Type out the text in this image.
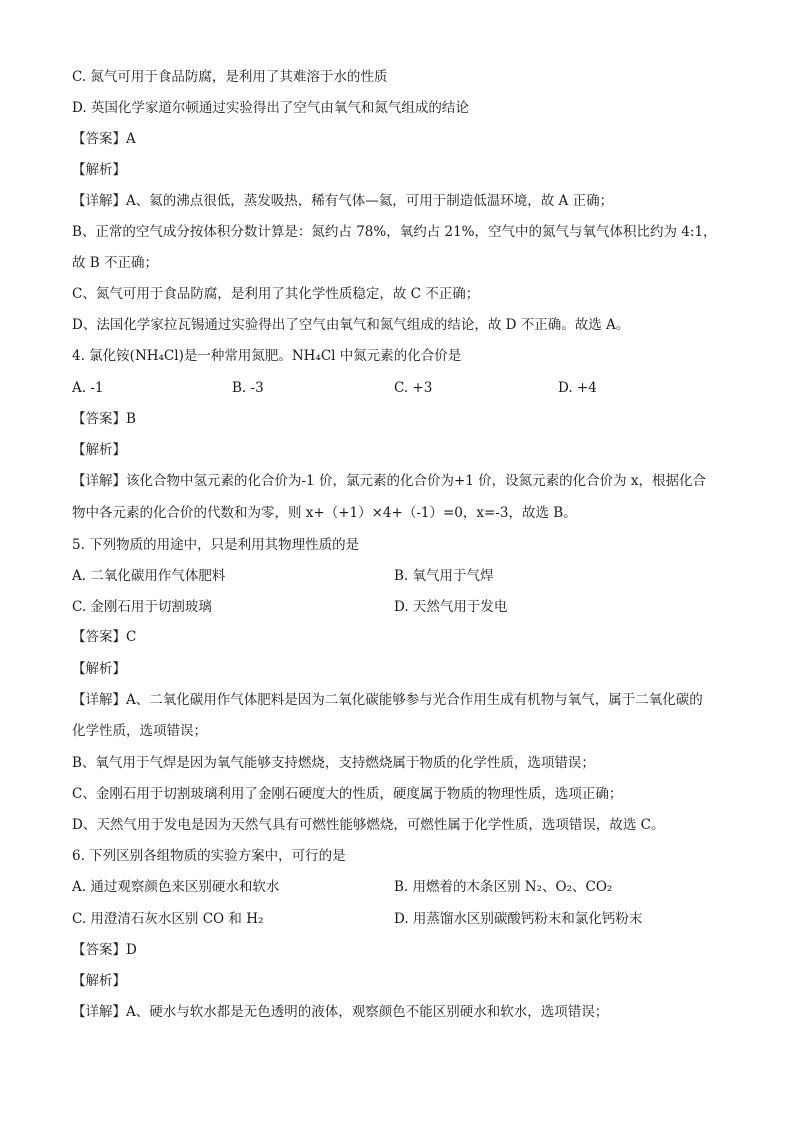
C. 氮气可用于食品防腐，是利用了其难溶于水的性质
D. 英国化学家道尔顿通过实验得出了空气由氧气和氮气组成的结论
【答案】A
【解析】
【详解】A、氦的沸点很低，蒸发吸热，稀有气体—氦，可用于制造低温环境，故 A 正确；
B、正常的空气成分按体积分数计算是：氮约占 78%，氧约占 21%，空气中的氮气与氧气体积比约为 4:1，
故 B 不正确；
C、氮气可用于食品防腐，是利用了其化学性质稳定，故 C 不正确；
D、法国化学家拉瓦锡通过实验得出了空气由氧气和氮气组成的结论，故 D 不正确。故选 A。
4. 氯化铵(NH₄Cl)是一种常用氮肥。NH₄Cl 中氮元素的化合价是
A. -1	B. -3	C. +3	D. +4
【答案】B
【解析】
【详解】该化合物中氢元素的化合价为-1 价，氯元素的化合价为+1 价，设氮元素的化合价为 x，根据化合
物中各元素的化合价的代数和为零，则 x+（+1）×4+（-1）=0，x=-3，故选 B。
5. 下列物质的用途中，只是利用其物理性质的是
A. 二氧化碳用作气体肥料	B. 氧气用于气焊
C. 金刚石用于切割玻璃	D. 天然气用于发电
【答案】C
【解析】
【详解】A、二氧化碳用作气体肥料是因为二氧化碳能够参与光合作用生成有机物与氧气，属于二氧化碳的
化学性质，选项错误；
B、氧气用于气焊是因为氧气能够支持燃烧，支持燃烧属于物质的化学性质，选项错误；
C、金刚石用于切割玻璃利用了金刚石硬度大的性质，硬度属于物质的物理性质，选项正确；
D、天然气用于发电是因为天然气具有可燃性能够燃烧，可燃性属于化学性质，选项错误，故选 C。
6. 下列区别各组物质的实验方案中，可行的是
A. 通过观察颜色来区别硬水和软水	B. 用燃着的木条区别 N₂、O₂、CO₂
C. 用澄清石灰水区别 CO 和 H₂	D. 用蒸馏水区别碳酸钙粉末和氯化钙粉末
【答案】D
【解析】
【详解】A、硬水与软水都是无色透明的液体，观察颜色不能区别硬水和软水，选项错误；
